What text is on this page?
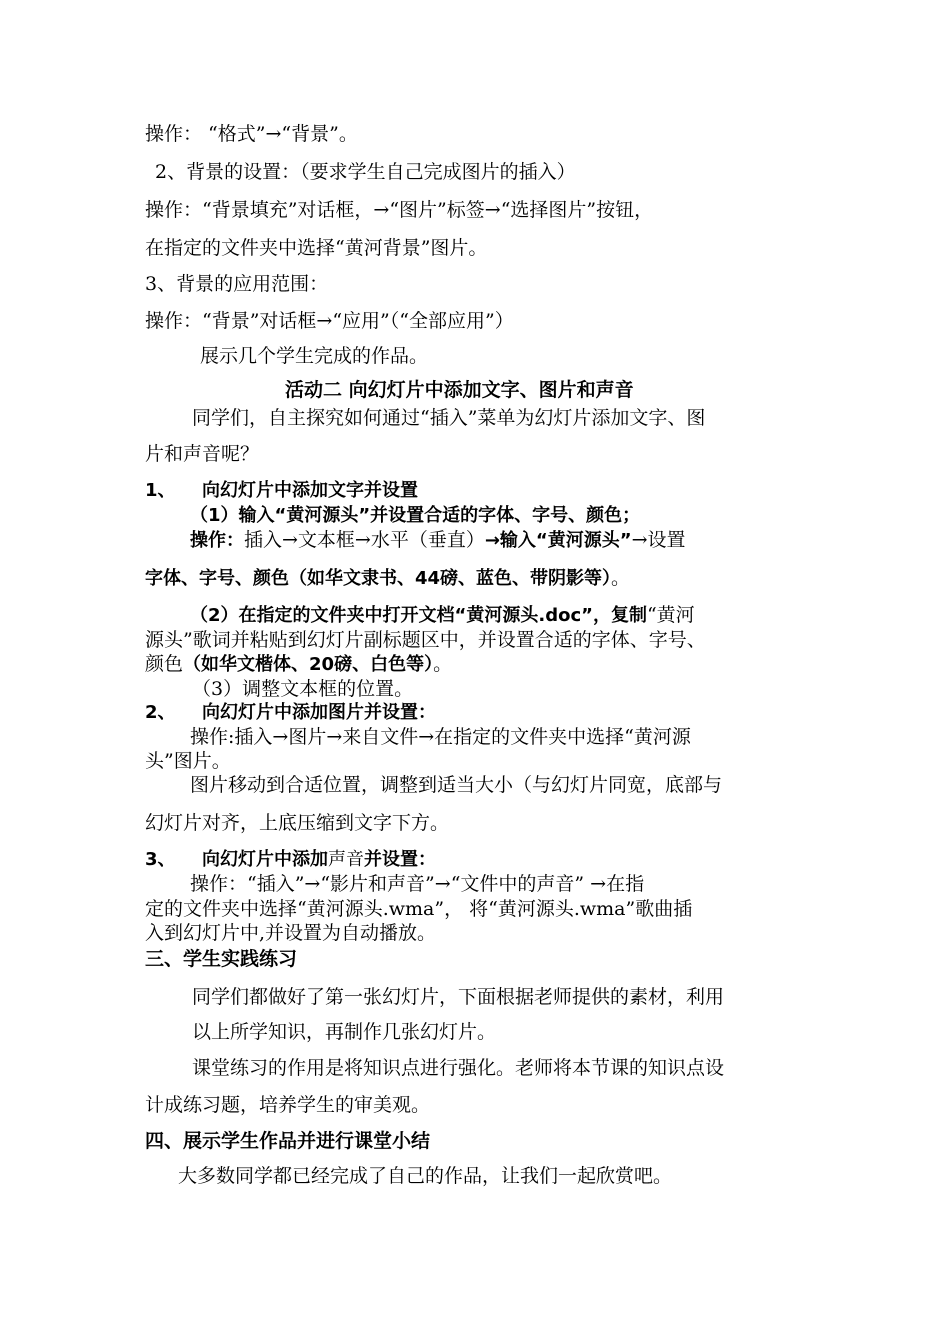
操作： “格式”→“背景”。
2、背景的设置：（要求学生自己完成图片的插入）
操作：“背景填充”对话框，→“图片”标签→“选择图片”按钮，
在指定的文件夹中选择“黄河背景”图片。
3、背景的应用范围：
操作：“背景”对话框→“应用”（“全部应用”）
展示几个学生完成的作品。
活动二 向幻灯片中添加文字、图片和声音
同学们，自主探究如何通过“插入”菜单为幻灯片添加文字、图
片和声音呢？
1、 向幻灯片中添加文字并设置
（1）输入“黄河源头”并设置合适的字体、字号、颜色；
操作：插入→文本框→水平（垂直）→输入“黄河源头”→设置
字体、字号、颜色（如华文隶书、44磅、蓝色、带阴影等）。
（2）在指定的文件夹中打开文档“黄河源头.doc”，复制“黄河
源头”歌词并粘贴到幻灯片副标题区中，并设置合适的字体、字号、
颜色（如华文楷体、20磅、白色等）。
（3）调整文本框的位置。
2、 向幻灯片中添加图片并设置：
操作:插入→图片→来自文件→在指定的文件夹中选择“黄河源
头”图片。
图片移动到合适位置，调整到适当大小（与幻灯片同宽，底部与
幻灯片对齐，上底压缩到文字下方。
3、 向幻灯片中添加声音并设置：
操作：“插入”→“影片和声音”→“文件中的声音” →在指
定的文件夹中选择“黄河源头.wma”， 将“黄河源头.wma”歌曲插
入到幻灯片中,并设置为自动播放。
三、学生实践练习
同学们都做好了第一张幻灯片，下面根据老师提供的素材，利用
以上所学知识，再制作几张幻灯片。
课堂练习的作用是将知识点进行强化。老师将本节课的知识点设
计成练习题，培养学生的审美观。
四、展示学生作品并进行课堂小结
大多数同学都已经完成了自己的作品，让我们一起欣赏吧。
